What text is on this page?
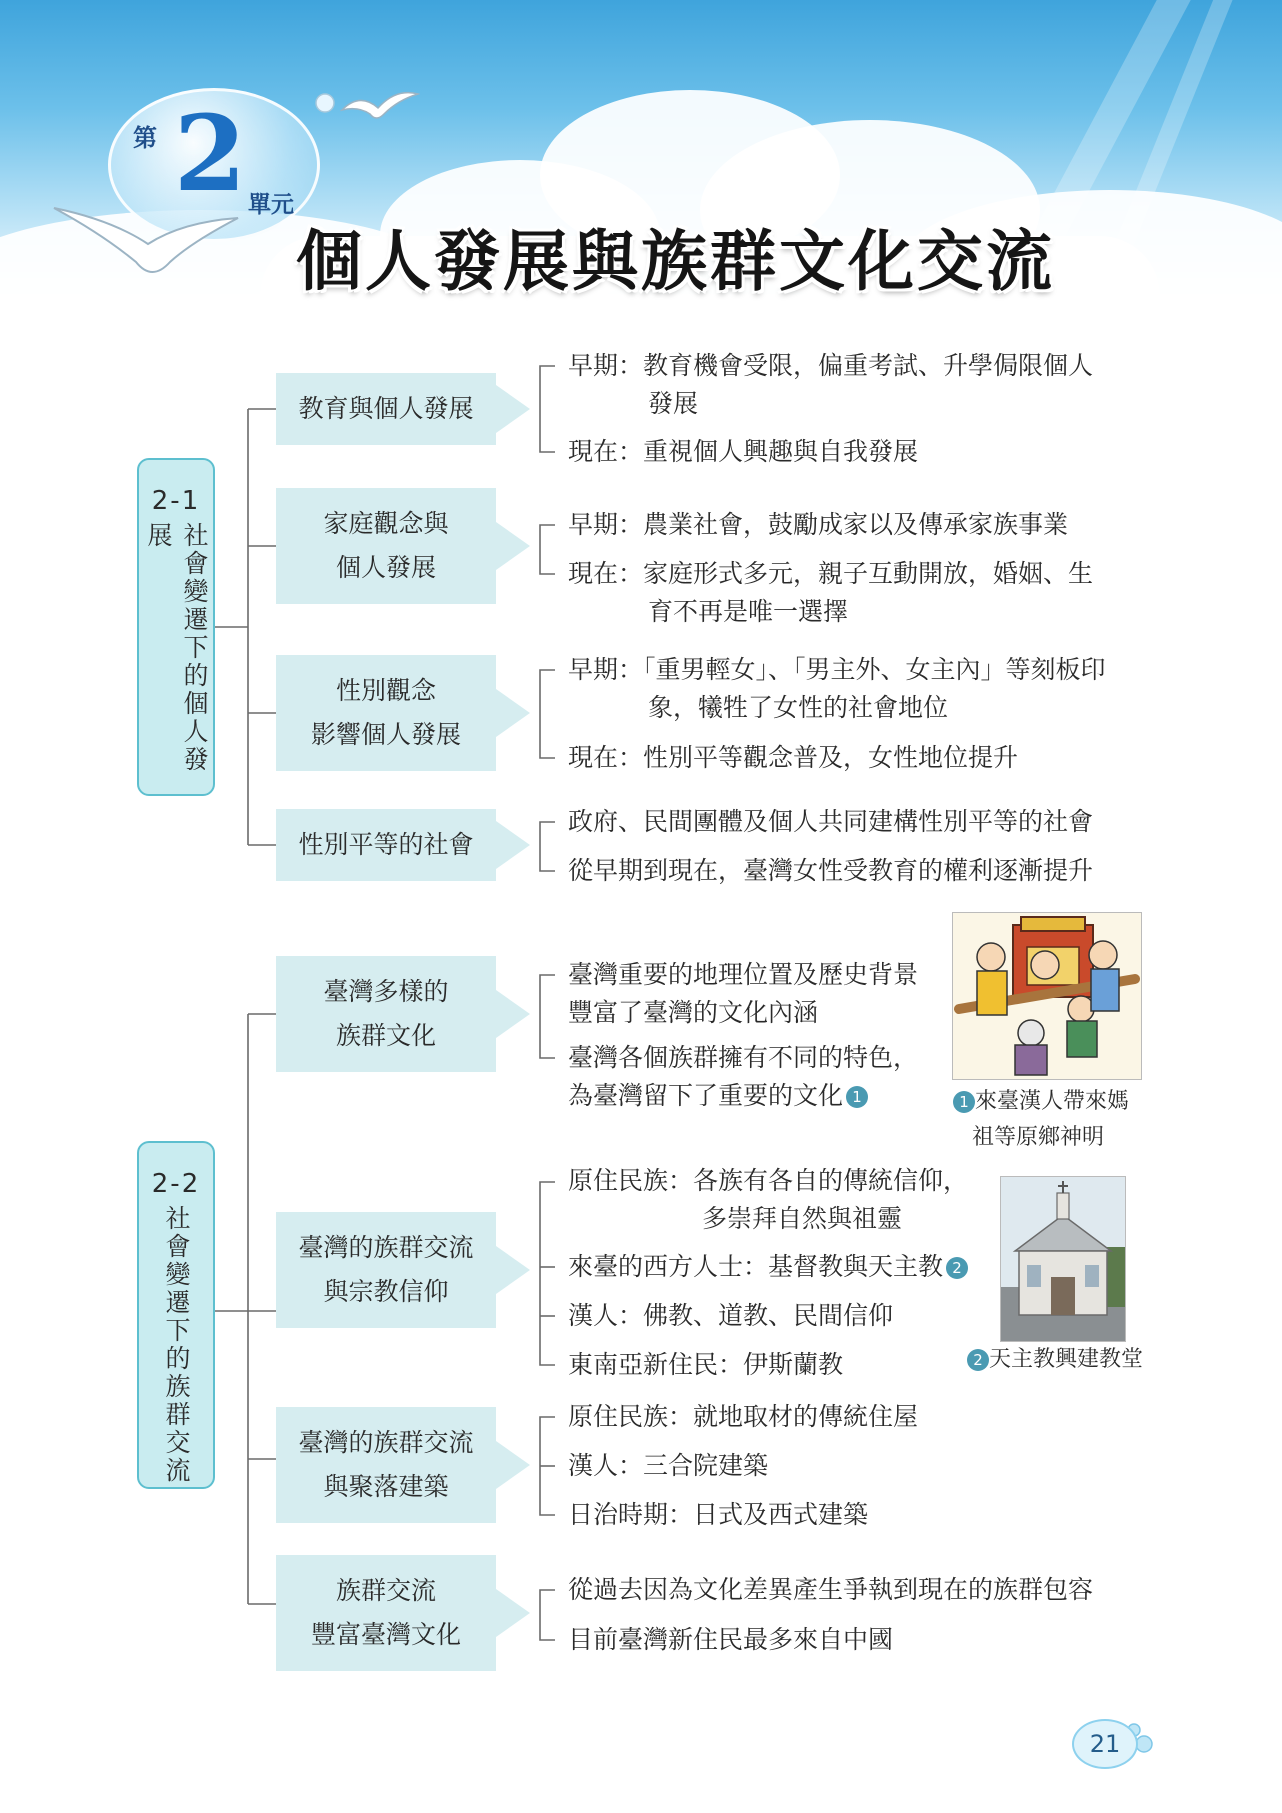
第 2 單元
個人發展與族群文化交流
2-1
社會變遷下的個人發展
教育與個人發展
早期：教育機會受限，偏重考試、升學侷限個人
發展
現在：重視個人興趣與自我發展
家庭觀念與
個人發展
早期：農業社會，鼓勵成家以及傳承家族事業
現在：家庭形式多元，親子互動開放，婚姻、生
育不再是唯一選擇
性別觀念
影響個人發展
早期：「重男輕女」、「男主外、女主內」等刻板印
象，犧牲了女性的社會地位
現在：性別平等觀念普及，女性地位提升
性別平等的社會
政府、民間團體及個人共同建構性別平等的社會
從早期到現在，臺灣女性受教育的權利逐漸提升
2-2
社會變遷下的族群交流
臺灣多樣的
族群文化
臺灣重要的地理位置及歷史背景
豐富了臺灣的文化內涵
臺灣各個族群擁有不同的特色，
為臺灣留下了重要的文化 1	1 來臺漢人帶來媽
祖等原鄉神明
臺灣的族群交流
與宗教信仰
原住民族：各族有各自的傳統信仰，
多崇拜自然與祖靈
來臺的西方人士：基督教與天主教 2
漢人：佛教、道教、民間信仰
東南亞新住民：伊斯蘭教	2 天主教興建教堂
臺灣的族群交流
與聚落建築
原住民族：就地取材的傳統住屋
漢人：三合院建築
日治時期：日式及西式建築
族群交流
豐富臺灣文化
從過去因為文化差異產生爭執到現在的族群包容
目前臺灣新住民最多來自中國
21
